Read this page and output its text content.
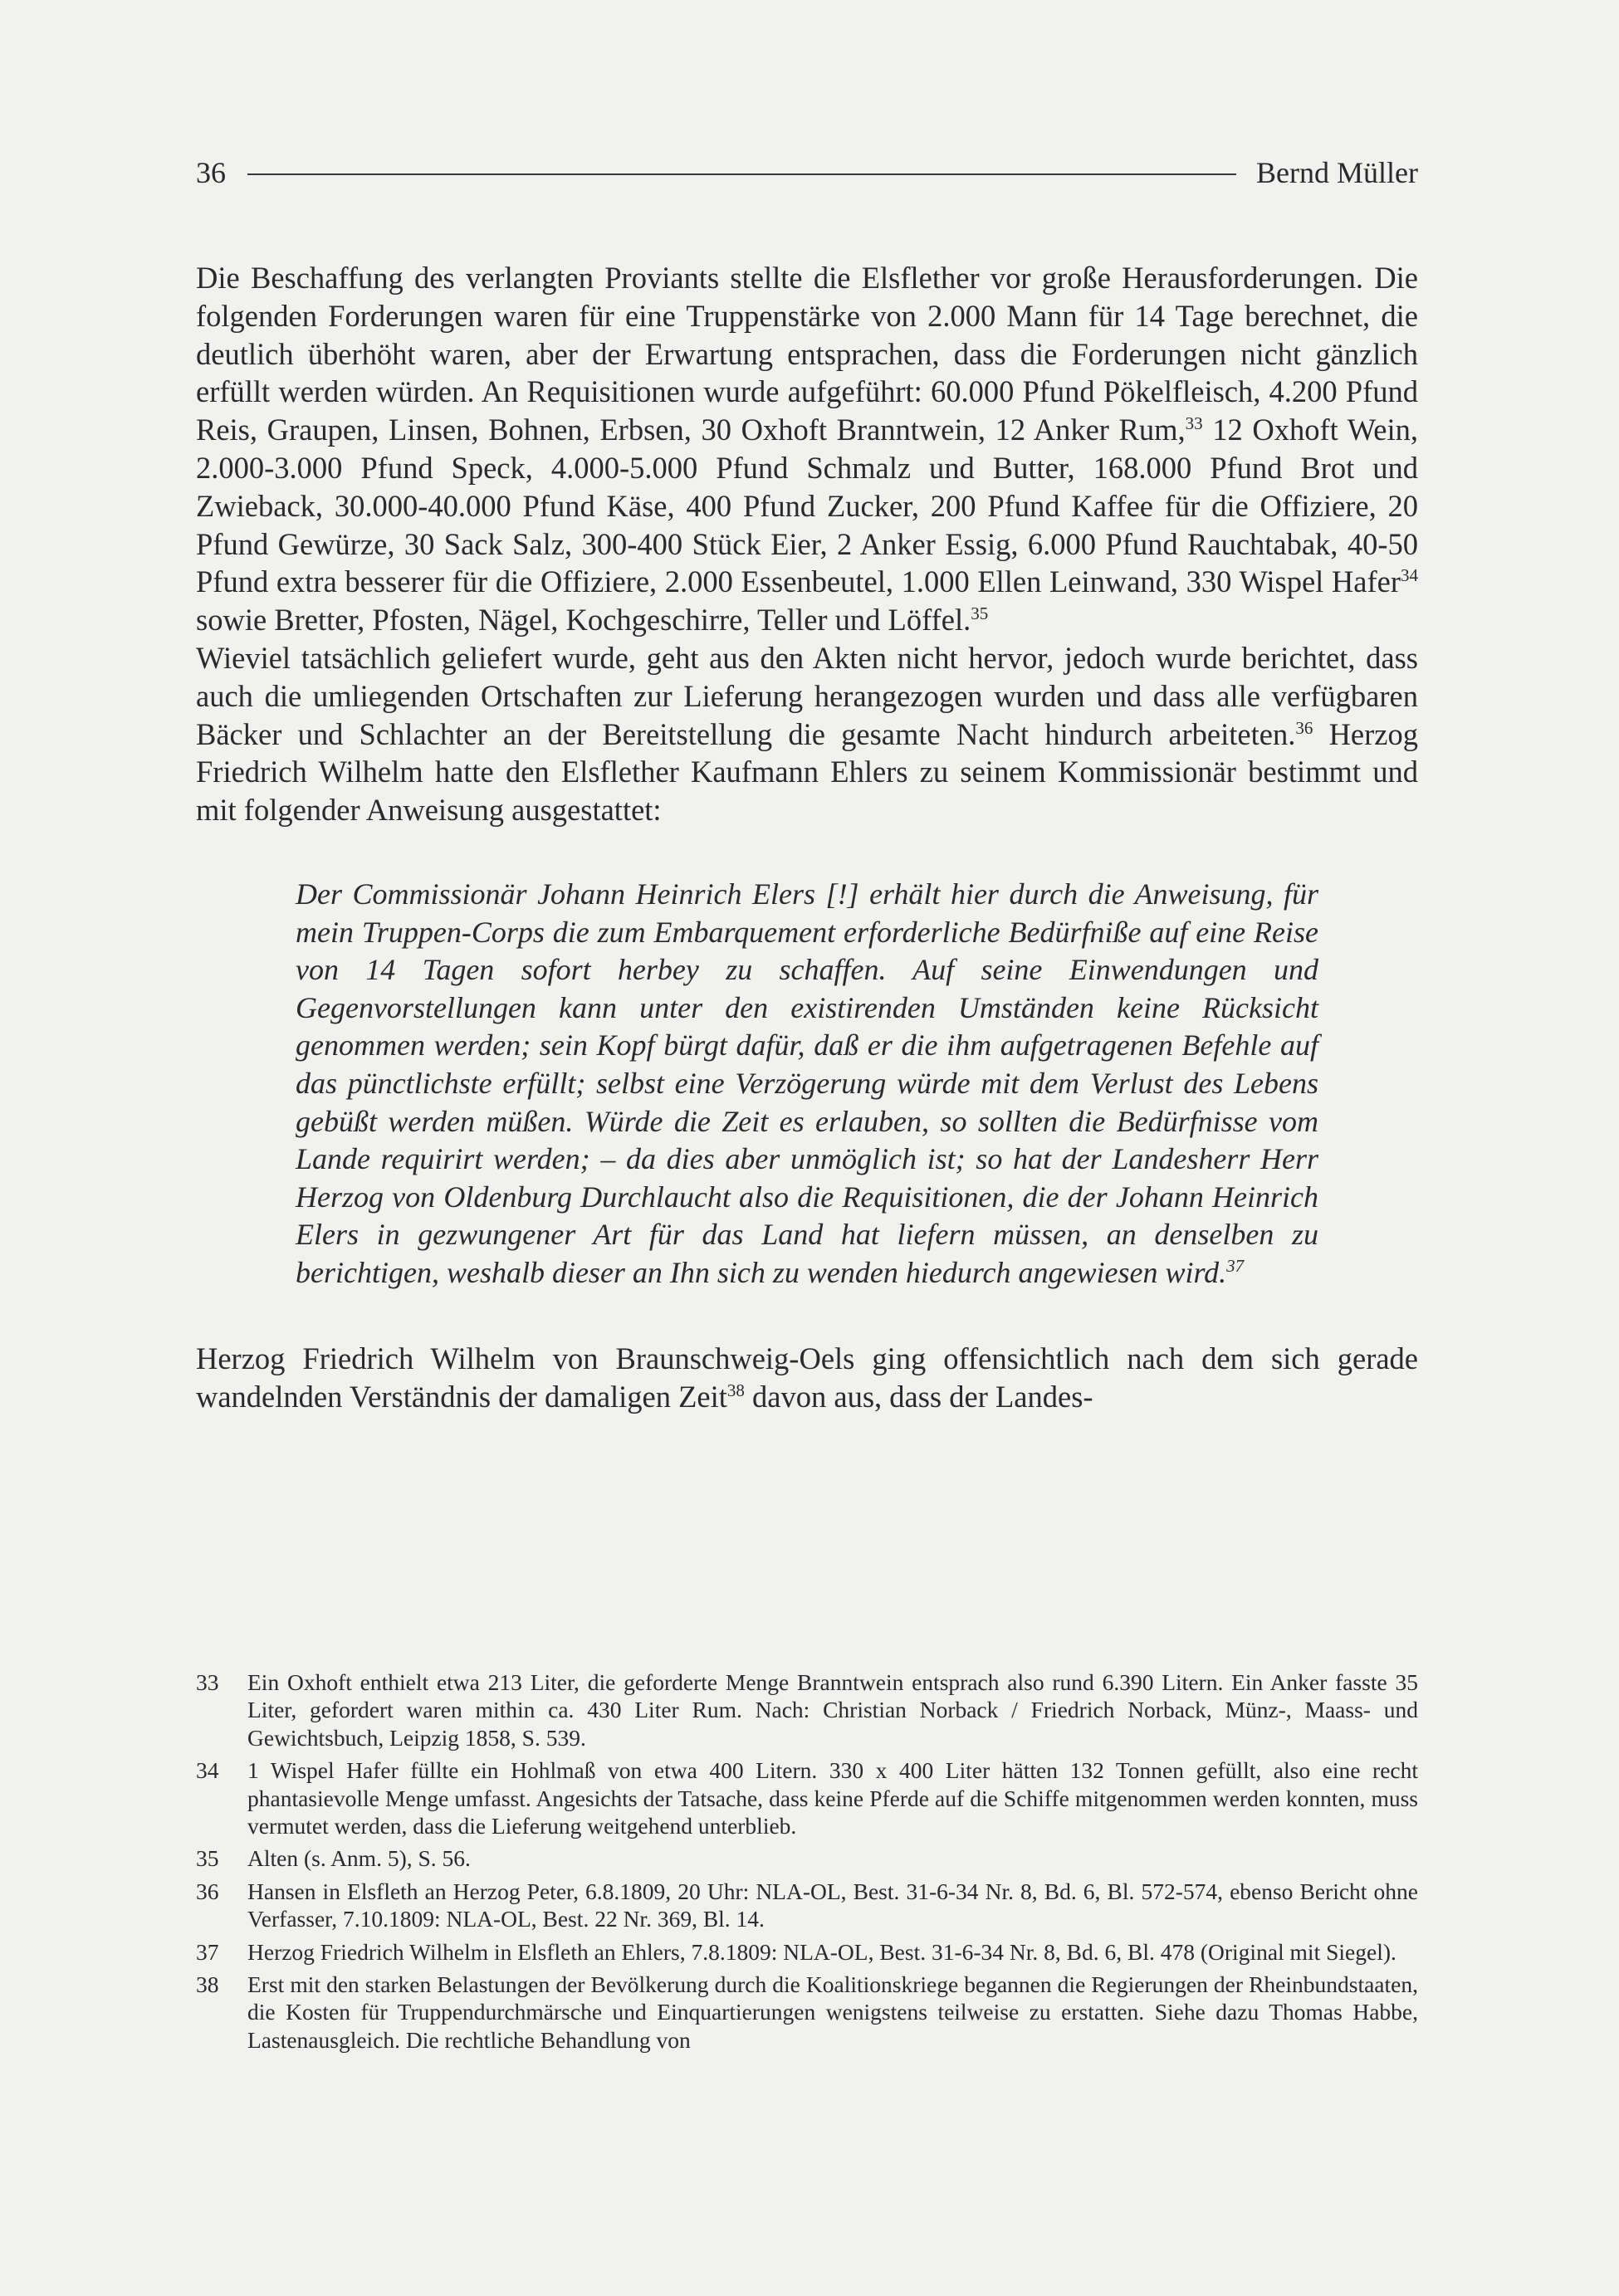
36	Bernd Müller

Die Beschaffung des verlangten Proviants stellte die Elsflether vor große Herausforderungen. Die folgenden Forderungen waren für eine Truppenstärke von 2.000 Mann für 14 Tage berechnet, die deutlich überhöht waren, aber der Erwartung entsprachen, dass die Forderungen nicht gänzlich erfüllt werden würden. An Requisitionen wurde aufgeführt: 60.000 Pfund Pökelfleisch, 4.200 Pfund Reis, Graupen, Linsen, Bohnen, Erbsen, 30 Oxhoft Branntwein, 12 Anker Rum,$^{33}$ 12 Oxhoft Wein, 2.000-3.000 Pfund Speck, 4.000-5.000 Pfund Schmalz und Butter, 168.000 Pfund Brot und Zwieback, 30.000-40.000 Pfund Käse, 400 Pfund Zucker, 200 Pfund Kaffee für die Offiziere, 20 Pfund Gewürze, 30 Sack Salz, 300-400 Stück Eier, 2 Anker Essig, 6.000 Pfund Rauchtabak, 40-50 Pfund extra besserer für die Offiziere, 2.000 Essenbeutel, 1.000 Ellen Leinwand, 330 Wispel Hafer$^{34}$ sowie Bretter, Pfosten, Nägel, Kochgeschirre, Teller und Löffel.$^{35}$

Wieviel tatsächlich geliefert wurde, geht aus den Akten nicht hervor, jedoch wurde berichtet, dass auch die umliegenden Ortschaften zur Lieferung herangezogen wurden und dass alle verfügbaren Bäcker und Schlachter an der Bereitstellung die gesamte Nacht hindurch arbeiteten.$^{36}$ Herzog Friedrich Wilhelm hatte den Elsflether Kaufmann Ehlers zu seinem Kommissionär bestimmt und mit folgender Anweisung ausgestattet:

Der Commissionär Johann Heinrich Elers [!] erhält hier durch die Anweisung, für mein Truppen-Corps die zum Embarquement erforderliche Bedürfniße auf eine Reise von 14 Tagen sofort herbey zu schaffen. Auf seine Einwendungen und Gegenvorstellungen kann unter den existirenden Umständen keine Rücksicht genommen werden; sein Kopf bürgt dafür, daß er die ihm aufgetragenen Befehle auf das pünctlichste erfüllt; selbst eine Verzögerung würde mit dem Verlust des Lebens gebüßt werden müßen. Würde die Zeit es erlauben, so sollten die Bedürfnisse vom Lande requirirt werden; – da dies aber unmöglich ist; so hat der Landesherr Herr Herzog von Oldenburg Durchlaucht also die Requisitionen, die der Johann Heinrich Elers in gezwungener Art für das Land hat liefern müssen, an denselben zu berichtigen, weshalb dieser an Ihn sich zu wenden hiedurch angewiesen wird.$^{37}$

Herzog Friedrich Wilhelm von Braunschweig-Oels ging offensichtlich nach dem sich gerade wandelnden Verständnis der damaligen Zeit$^{38}$ davon aus, dass der Landes-

33	Ein Oxhoft enthielt etwa 213 Liter, die geforderte Menge Branntwein entsprach also rund 6.390 Litern. Ein Anker fasste 35 Liter, gefordert waren mithin ca. 430 Liter Rum. Nach: Christian Norback / Friedrich Norback, Münz-, Maass- und Gewichtsbuch, Leipzig 1858, S. 539.
34	1 Wispel Hafer füllte ein Hohlmaß von etwa 400 Litern. 330 x 400 Liter hätten 132 Tonnen gefüllt, also eine recht phantasievolle Menge umfasst. Angesichts der Tatsache, dass keine Pferde auf die Schiffe mitgenommen werden konnten, muss vermutet werden, dass die Lieferung weitgehend unterblieb.
35	Alten (s. Anm. 5), S. 56.
36	Hansen in Elsfleth an Herzog Peter, 6.8.1809, 20 Uhr: NLA-OL, Best. 31-6-34 Nr. 8, Bd. 6, Bl. 572-574, ebenso Bericht ohne Verfasser, 7.10.1809: NLA-OL, Best. 22 Nr. 369, Bl. 14.
37	Herzog Friedrich Wilhelm in Elsfleth an Ehlers, 7.8.1809: NLA-OL, Best. 31-6-34 Nr. 8, Bd. 6, Bl. 478 (Original mit Siegel).
38	Erst mit den starken Belastungen der Bevölkerung durch die Koalitionskriege begannen die Regierungen der Rheinbundstaaten, die Kosten für Truppendurchmärsche und Einquartierungen wenigstens teilweise zu erstatten. Siehe dazu Thomas Habbe, Lastenausgleich. Die rechtliche Behandlung von
